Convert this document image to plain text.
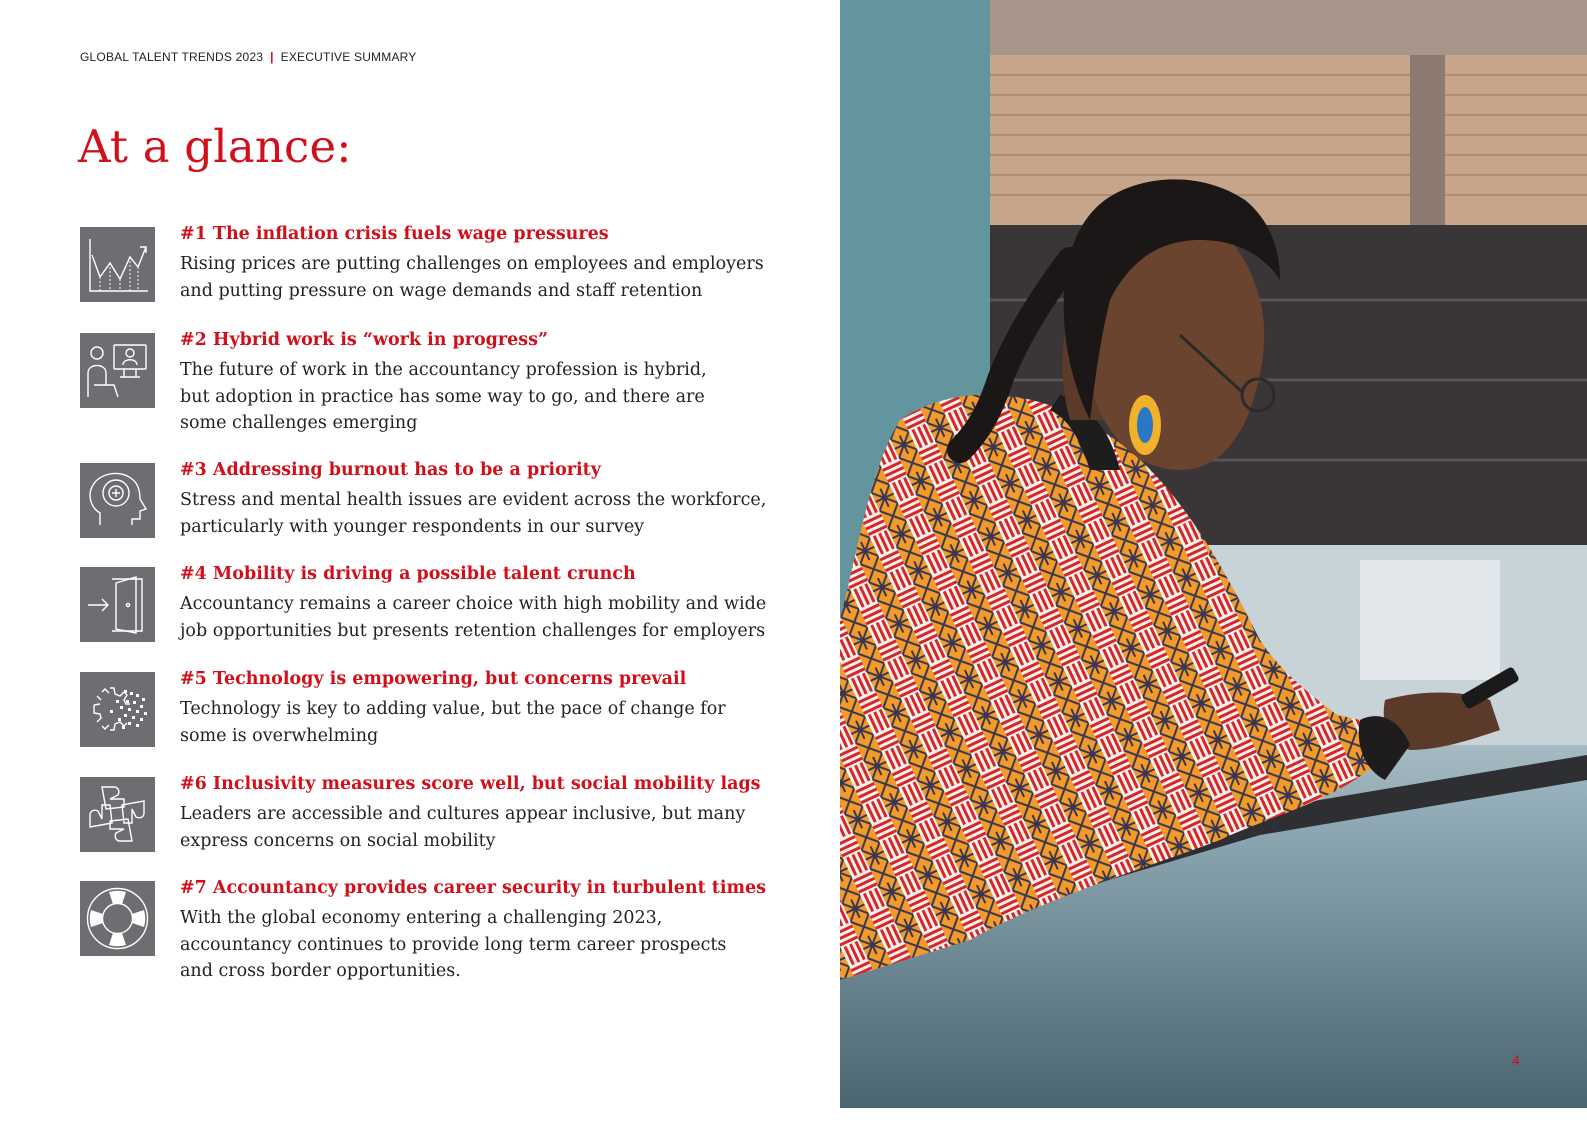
GLOBAL TALENT TRENDS 2023 | EXECUTIVE SUMMARY
At a glance:
#1 The inflation crisis fuels wage pressures
Rising prices are putting challenges on employees and employers
and putting pressure on wage demands and staff retention
#2 Hybrid work is “work in progress”
The future of work in the accountancy profession is hybrid,
but adoption in practice has some way to go, and there are
some challenges emerging
#3 Addressing burnout has to be a priority
Stress and mental health issues are evident across the workforce,
particularly with younger respondents in our survey
#4 Mobility is driving a possible talent crunch
Accountancy remains a career choice with high mobility and wide
job opportunities but presents retention challenges for employers
#5 Technology is empowering, but concerns prevail
Technology is key to adding value, but the pace of change for
some is overwhelming
#6 Inclusivity measures score well, but social mobility lags
Leaders are accessible and cultures appear inclusive, but many
express concerns on social mobility
#7 Accountancy provides career security in turbulent times
With the global economy entering a challenging 2023,
accountancy continues to provide long term career prospects
and cross border opportunities.
4
